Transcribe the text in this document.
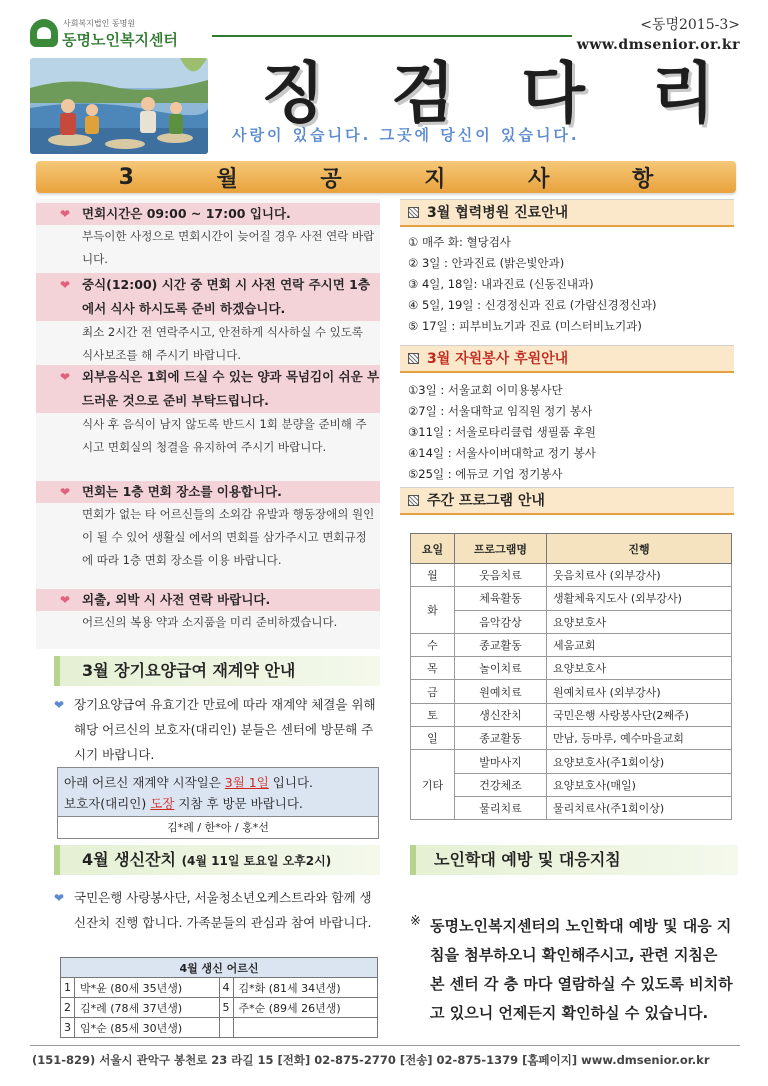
사회복지법인 동명원
동명노인복지센터
<동명2015-3>
www.dmsenior.or.kr
징 검 다 리
사랑이 있습니다. 그곳에 당신이 있습니다.
3	월	공	지	사	항
❤ 면회시간은 09:00 ~ 17:00 입니다.
부득이한 사정으로 면회시간이 늦어질 경우 사전 연락 바랍니다.
❤ 중식(12:00) 시간 중 면회 시 사전 연락 주시면 1층에서 식사 하시도록 준비 하겠습니다.
최소 2시간 전 연락주시고, 안전하게 식사하실 수 있도록 식사보조를 해 주시기 바랍니다.
❤ 외부음식은 1회에 드실 수 있는 양과 목넘김이 쉬운 부드러운 것으로 준비 부탁드립니다.
식사 후 음식이 남지 않도록 반드시 1회 분량을 준비해 주시고 면회실의 청결을 유지하여 주시기 바랍니다.
❤ 면회는 1층 면회 장소를 이용합니다.
면회가 없는 타 어르신들의 소외감 유발과 행동장애의 원인이 될 수 있어 생활실 에서의 면회를 삼가주시고 면회규정에 따라 1층 면회 장소를 이용 바랍니다.
❤ 외출, 외박 시 사전 연락 바랍니다.
어르신의 복용 약과 소지품을 미리 준비하겠습니다.
3월 협력병원 진료안내
① 매주 화: 혈당검사
② 3일 : 안과진료 (밝은빛안과)
③ 4일, 18일: 내과진료 (신동진내과)
④ 5일, 19일 : 신경정신과 진료 (가람신경정신과)
⑤ 17일 : 피부비뇨기과 진료 (미스터비뇨기과)
3월 자원봉사 후원안내
①3일 : 서울교회 이미용봉사단
②7일 : 서울대학교 임직원 정기 봉사
③11일 : 서울로타리클럽 생필품 후원
④14일 : 서울사이버대학교 정기 봉사
⑤25일 : 에듀코 기업 정기봉사
주간 프로그램 안내
요일	프로그램명	진행
월	웃음치료	웃음치료사 (외부강사)
화	체육활동	생활체육지도사 (외부강사)
	음악감상	요양보호사
수	종교활동	세움교회
목	놀이치료	요양보호사
금	원예치료	원예치료사 (외부강사)
토	생신잔치	국민은행 사랑봉사단(2째주)
일	종교활동	만남, 등마루, 예수마을교회
기타	발마사지	요양보호사(주1회이상)
	건강체조	요양보호사(매일)
	물리치료	물리치료사(주1회이상)
3월 장기요양급여 재계약 안내
❤ 장기요양급여 유효기간 만료에 따라 재계약 체결을 위해 해당 어르신의 보호자(대리인) 분들은 센터에 방문해 주시기 바랍니다.
아래 어르신 재계약 시작일은 3월 1일 입니다.
보호자(대리인) 도장 지참 후 방문 바랍니다.
김*례 / 한*아 / 홍*선
4월 생신잔치 (4월 11일 토요일 오후2시)
❤ 국민은행 사랑봉사단, 서울청소년오케스트라와 함께 생신잔치 진행 합니다. 가족분들의 관심과 참여 바랍니다.
4월 생신 어르신			
1	박*윤 (80세 35년생)	4	김*화 (81세 34년생)
2	김*례 (78세 37년생)	5	주*순 (89세 26년생)
3	임*순 (85세 30년생)		
노인학대 예방 및 대응지침
※ 동명노인복지센터의 노인학대 예방 및 대응 지침을 첨부하오니 확인해주시고, 관련 지침은 본 센터 각 층 마다 열람하실 수 있도록 비치하고 있으니 언제든지 확인하실 수 있습니다.
(151-829) 서울시 관악구 봉천로 23 라길 15 [전화] 02-875-2770 [전송] 02-875-1379 [홈페이지] www.dmsenior.or.kr
